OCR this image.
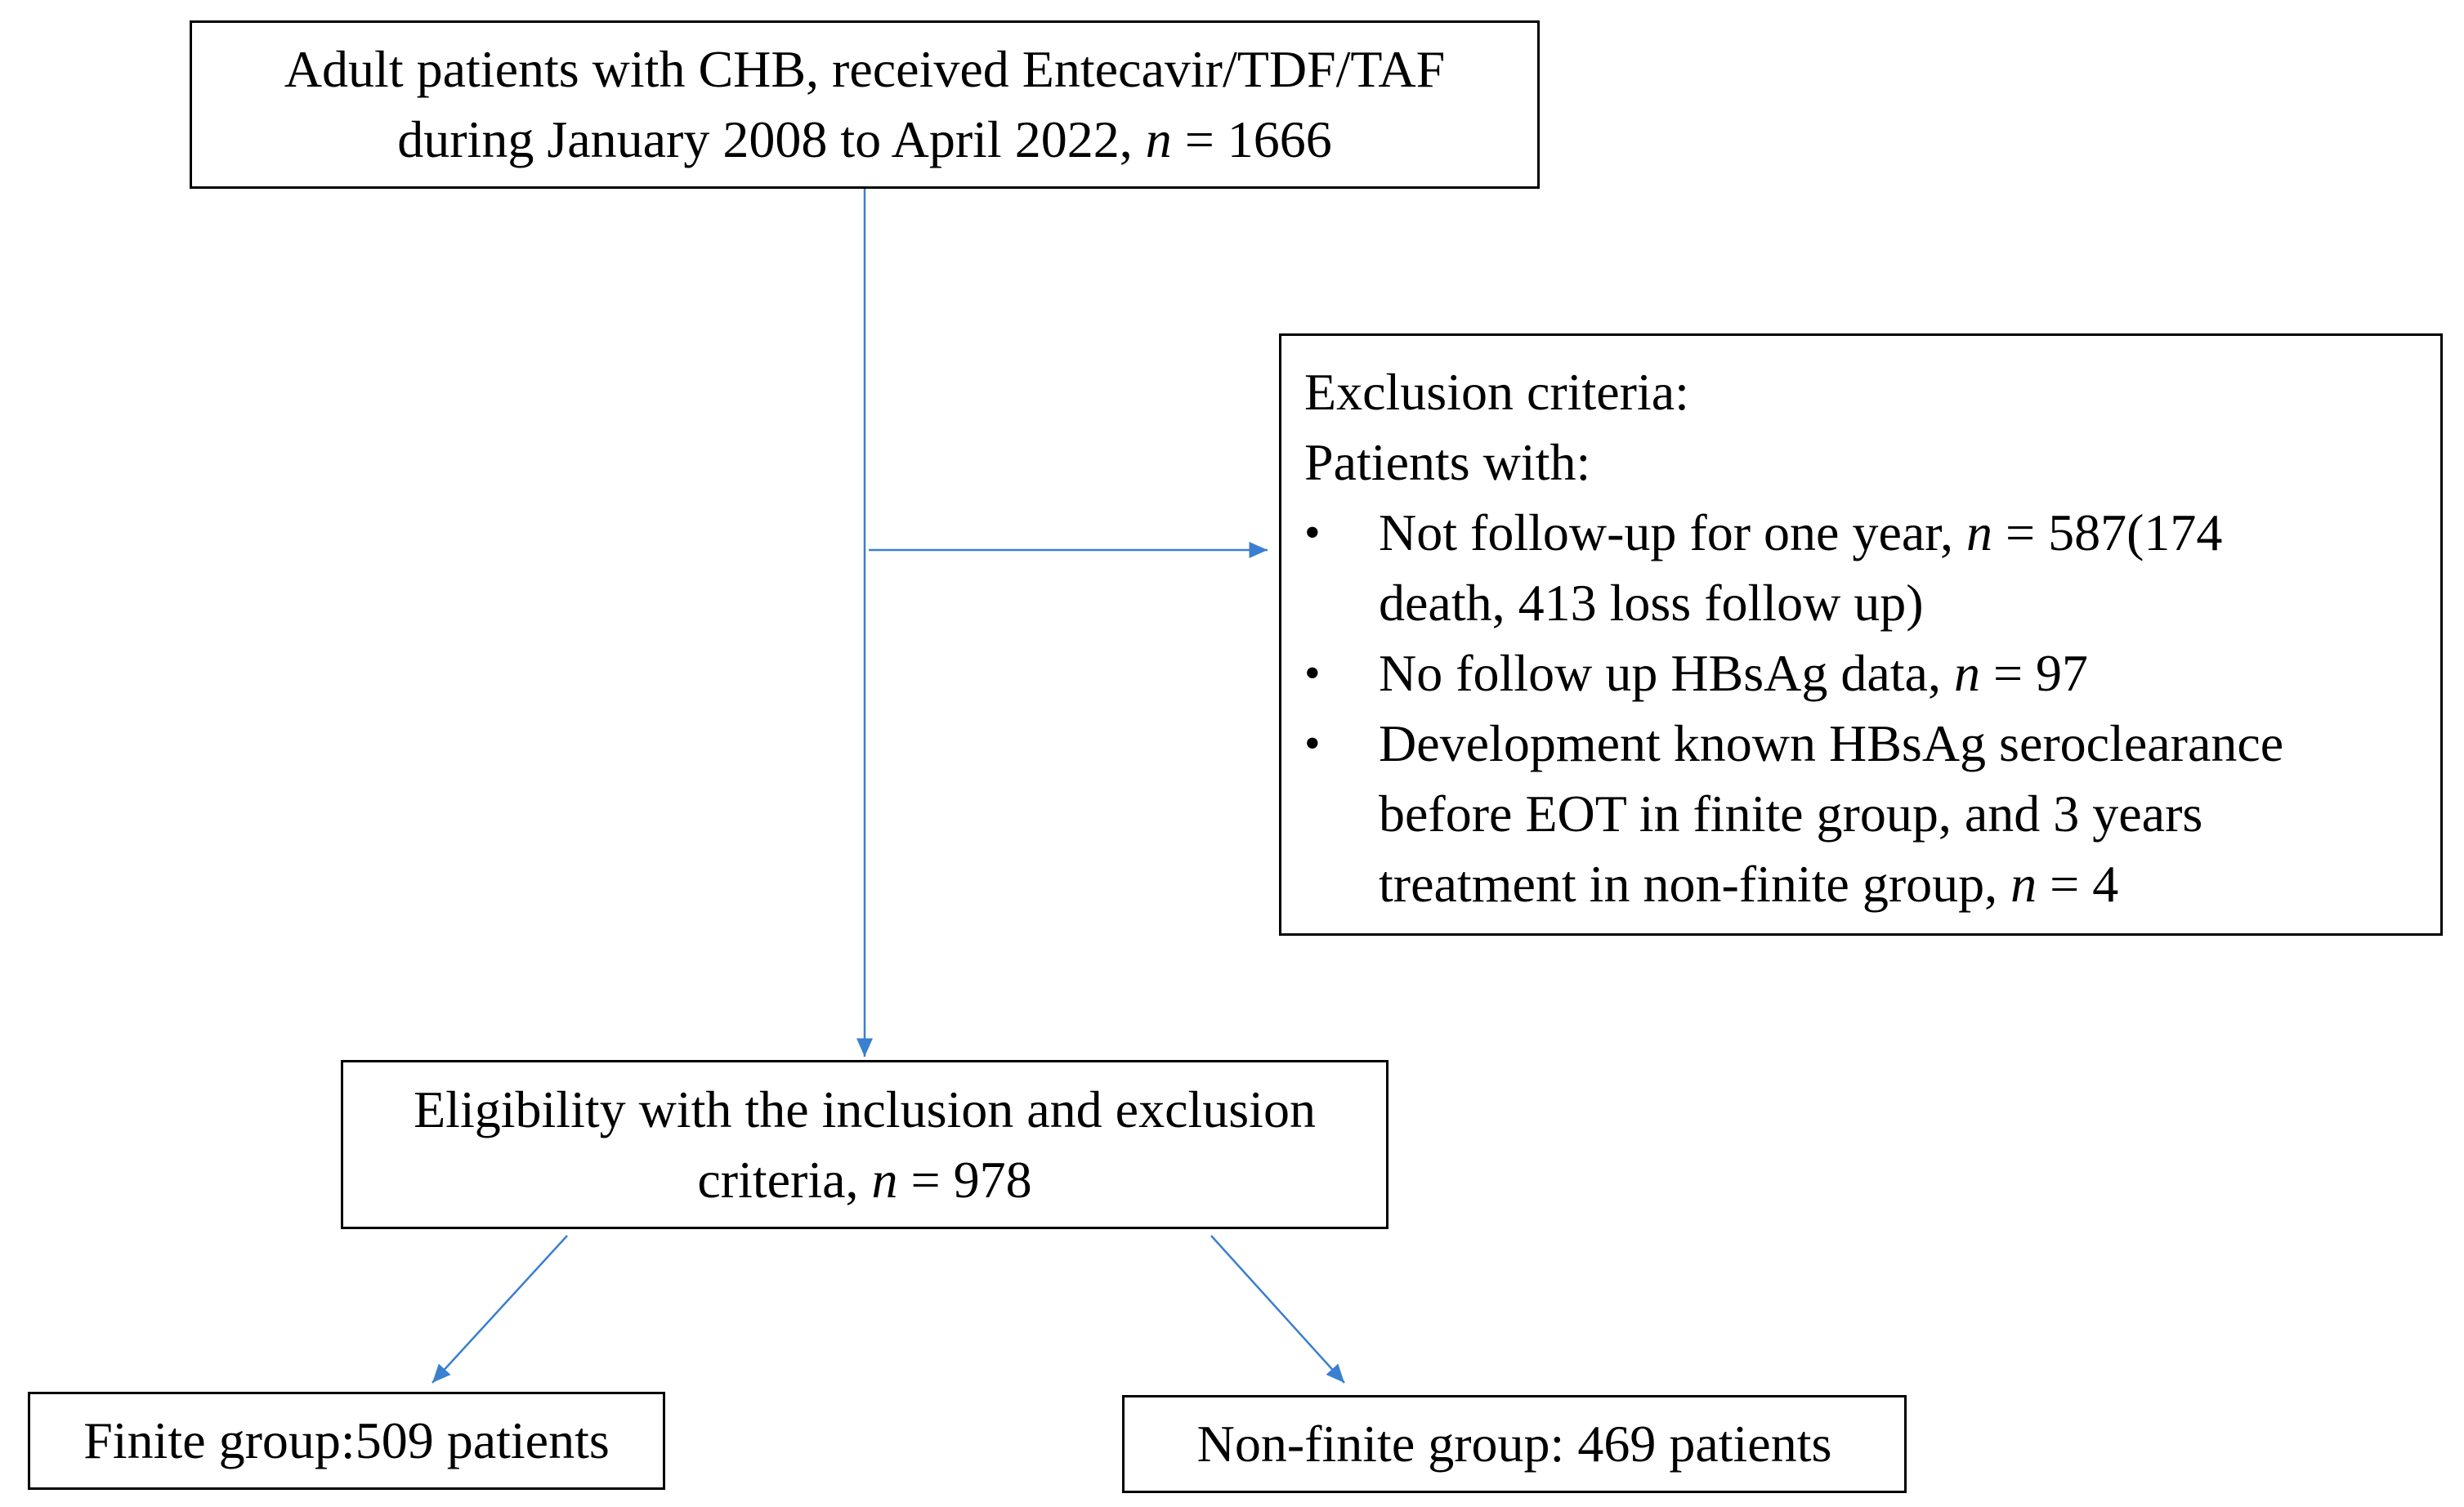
Adult patients with CHB, received Entecavir/TDF/TAF
during January 2008 to April 2022, n = 1666
Exclusion criteria:
Patients with:
• Not follow-up for one year, n = 587(174
death, 413 loss follow up)
• No follow up HBsAg data, n = 97
• Development known HBsAg seroclearance
before EOT in finite group, and 3 years
treatment in non-finite group, n = 4
Eligibility with the inclusion and exclusion
criteria, n = 978
Finite group:509 patients	Non-finite group: 469 patients
